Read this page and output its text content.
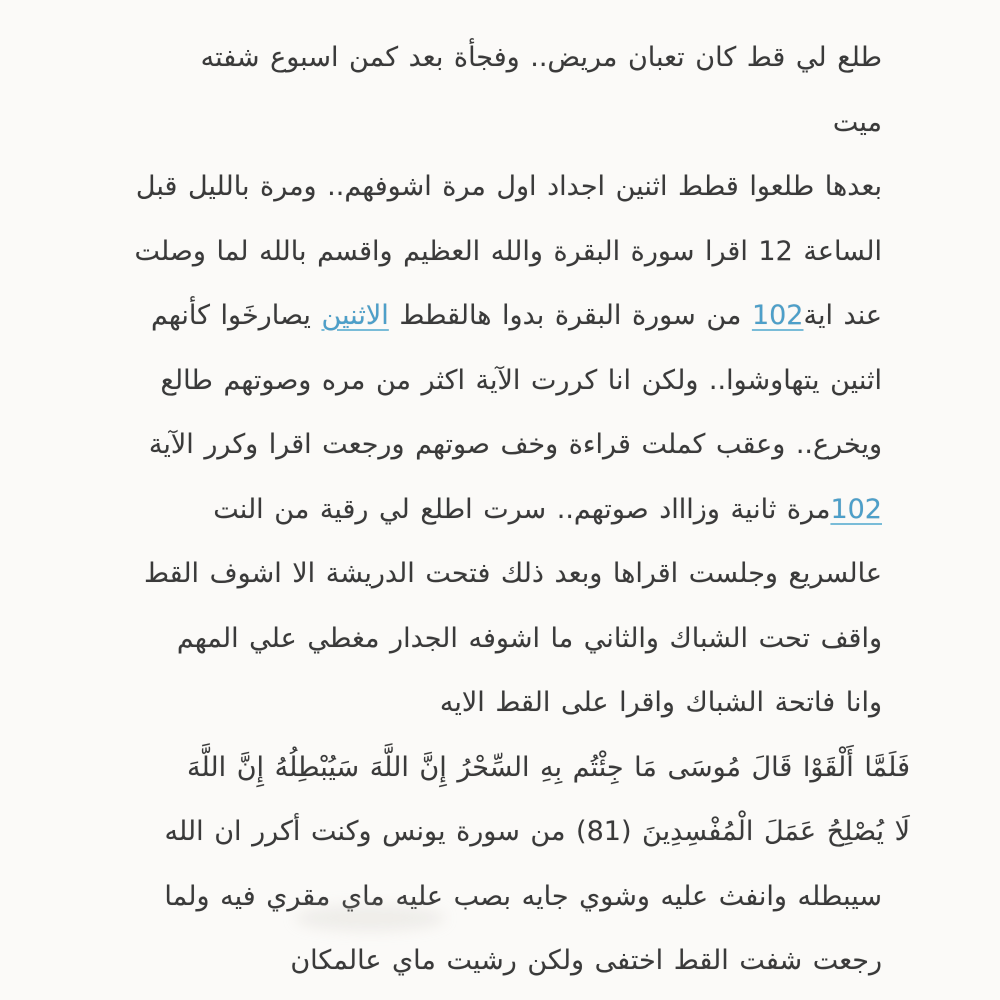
طلع لي قط كان تعبان مريض.. وفجأة بعد كمن اسبوع شفته
ميت
بعدها طلعوا قطط اثنين اجداد اول مرة اشوفهم.. ومرة بالليل قبل
الساعة 12 اقرا سورة البقرة والله العظيم واقسم بالله لما وصلت
عند اية102 من سورة البقرة بدوا هالقطط الاثنين يصارخَوا كأنهم
اثنين يتهاوشوا.. ولكن انا كررت الآية اكثر من مره وصوتهم طالع
ويخرع.. وعقب كملت قراءة وخف صوتهم ورجعت اقرا وكرر الآية
102مرة ثانية وزاااد صوتهم.. سرت اطلع لي رقية من النت
عالسريع وجلست اقراها وبعد ذلك فتحت الدريشة الا اشوف القط
واقف تحت الشباك والثاني ما اشوفه الجدار مغطي علي المهم
وانا فاتحة الشباك واقرا على القط الايه
فَلَمَّا أَلْقَوْا قَالَ مُوسَى مَا جِئْتُم بِهِ السِّحْرُ إِنَّ اللَّهَ سَيُبْطِلُهُ إِنَّ اللَّهَ
لَا يُصْلِحُ عَمَلَ الْمُفْسِدِينَ (81) من سورة يونس وكنت أكرر ان الله
سيبطله وانفث عليه وشوي جايه بصب عليه ماي مقري فيه ولما
رجعت شفت القط اختفى ولكن رشيت ماي عالمكان
